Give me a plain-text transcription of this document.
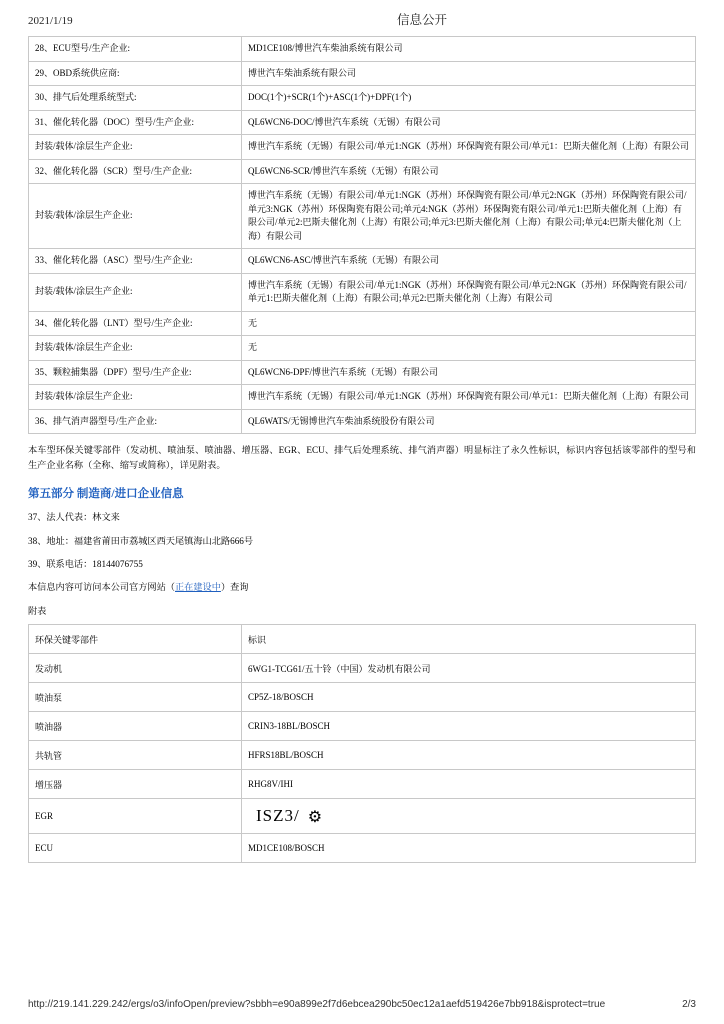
2021/1/19	信息公开
28、ECU型号/生产企业:	MD1CE108/博世汽车柴油系统有限公司
29、OBD系统供应商:	博世汽车柴油系统有限公司
30、排气后处理系统型式:	DOC(1个)+SCR(1个)+ASC(1个)+DPF(1个)
31、催化转化器（DOC）型号/生产企业:	QL6WCN6-DOC/博世汽车系统（无锡）有限公司
封装/载体/涂层生产企业:	博世汽车系统（无锡）有限公司/单元1:NGK（苏州）环保陶瓷有限公司/单元1：巴斯夫催化剂（上海）有限公司
32、催化转化器（SCR）型号/生产企业:	QL6WCN6-SCR/博世汽车系统（无锡）有限公司
封装/载体/涂层生产企业:	博世汽车系统（无锡）有限公司/单元1:NGK（苏州）环保陶瓷有限公司/单元2:NGK（苏州）环保陶瓷有限公司/单元3:NGK（苏州）环保陶瓷有限公司;单元4:NGK（苏州）环保陶瓷有限公司/单元1:巴斯夫催化剂（上海）有限公司/单元2:巴斯夫催化剂（上海）有限公司;单元3:巴斯夫催化剂（上海）有限公司;单元4:巴斯夫催化剂（上海）有限公司
33、催化转化器（ASC）型号/生产企业:	QL6WCN6-ASC/博世汽车系统（无锡）有限公司
封装/载体/涂层生产企业:	博世汽车系统（无锡）有限公司/单元1:NGK（苏州）环保陶瓷有限公司/单元2:NGK（苏州）环保陶瓷有限公司/单元1:巴斯夫催化剂（上海）有限公司;单元2:巴斯夫催化剂（上海）有限公司
34、催化转化器（LNT）型号/生产企业:	无
封装/载体/涂层生产企业:	无
35、颗粒捕集器（DPF）型号/生产企业:	QL6WCN6-DPF/博世汽车系统（无锡）有限公司
封装/载体/涂层生产企业:	博世汽车系统（无锡）有限公司/单元1:NGK（苏州）环保陶瓷有限公司/单元1：巴斯夫催化剂（上海）有限公司
36、排气消声器型号/生产企业:	QL6WATS/无锡博世汽车柴油系统股份有限公司
本车型环保关键零部件（发动机、喷油泵、喷油器、增压器、EGR、ECU、排气后处理系统、排气消声器）明显标注了永久性标识，标识内容包括该零部件的型号和生产企业名称（全称、缩写或简称），详见附表。
第五部分 制造商/进口企业信息
37、法人代表：林文来
38、地址：福建省莆田市荔城区西天尾镇海山北路666号
39、联系电话：18144076755
本信息内容可访问本公司官方网站（正在建设中）查询
附表
环保关键零部件	标识
发动机	6WG1-TCG61/五十铃（中国）发动机有限公司
喷油泵	CP5Z-18/BOSCH
喷油器	CRIN3-18BL/BOSCH
共轨管	HFRS18BL/BOSCH
增压器	RHG8V/IHI
EGR	ISZ3/ ⚙
ECU	MD1CE108/BOSCH
http://219.141.229.242/ergs/o3/infoOpen/preview?sbbh=e90a899e2f7d6ebcea290bc50ec12a1aefd519426e7bb918&isprotect=true	2/3
